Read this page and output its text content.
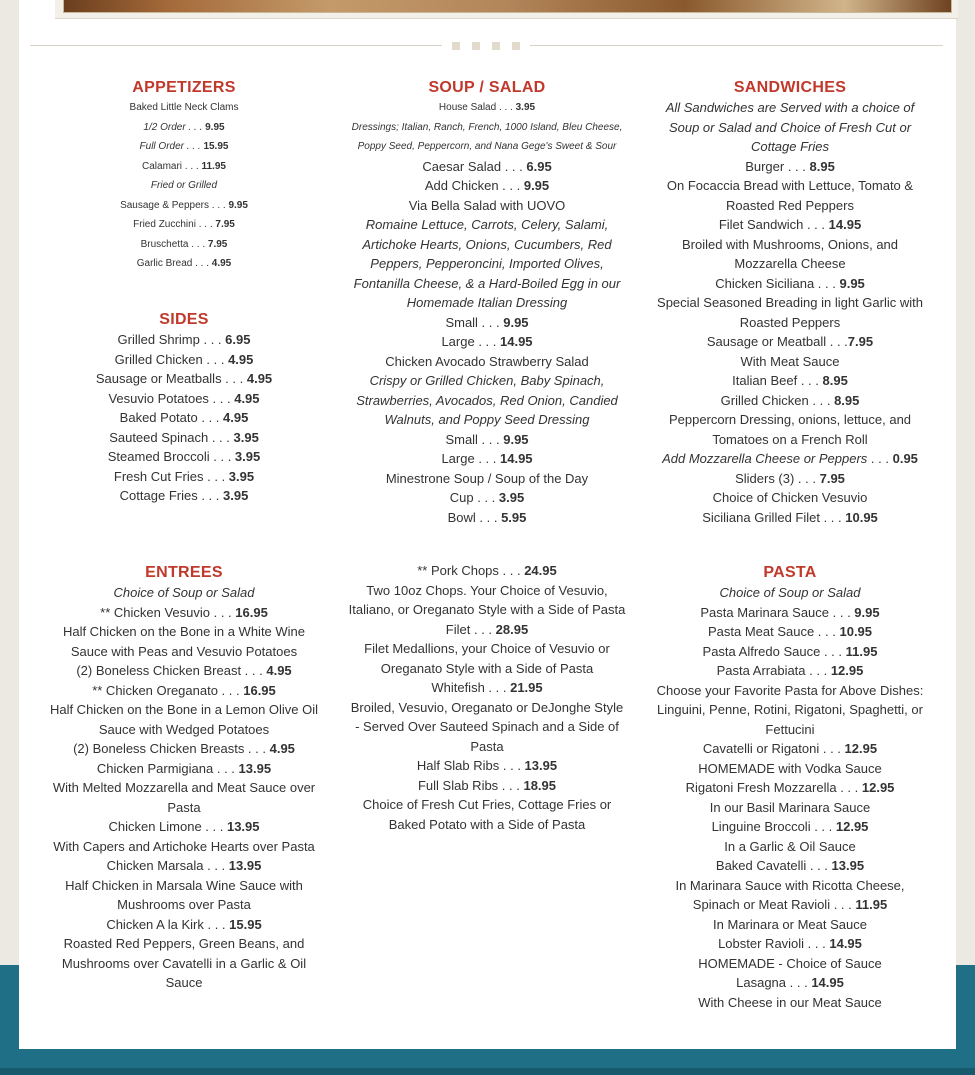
APPETIZERS
Baked Little Neck Clams
1/2 Order . . . 9.95
Full Order . . . 15.95
Calamari . . . 11.95
Fried or Grilled
Sausage & Peppers . . . 9.95
Fried Zucchini . . . 7.95
Bruschetta . . . 7.95
Garlic Bread . . . 4.95
SIDES
Grilled Shrimp . . . 6.95
Grilled Chicken . . . 4.95
Sausage or Meatballs . . . 4.95
Vesuvio Potatoes . . . 4.95
Baked Potato . . . 4.95
Sauteed Spinach . . . 3.95
Steamed Broccoli . . . 3.95
Fresh Cut Fries . . . 3.95
Cottage Fries . . . 3.95
SOUP / SALAD
House Salad . . . 3.95
Dressings; Italian, Ranch, French, 1000 Island, Bleu Cheese, Poppy Seed, Peppercorn, and Nana Gege's Sweet & Sour
Caesar Salad . . . 6.95
Add Chicken . . . 9.95
Via Bella Salad with UOVO
Romaine Lettuce, Carrots, Celery, Salami, Artichoke Hearts, Onions, Cucumbers, Red Peppers, Pepperoncini, Imported Olives, Fontanilla Cheese, & a Hard-Boiled Egg in our Homemade Italian Dressing
Small . . . 9.95
Large . . . 14.95
Chicken Avocado Strawberry Salad
Crispy or Grilled Chicken, Baby Spinach, Strawberries, Avocados, Red Onion, Candied Walnuts, and Poppy Seed Dressing
Small . . . 9.95
Large . . . 14.95
Minestrone Soup / Soup of the Day
Cup . . . 3.95
Bowl . . . 5.95
SANDWICHES
All Sandwiches are Served with a choice of Soup or Salad and Choice of Fresh Cut or Cottage Fries
Burger . . . 8.95
On Focaccia Bread with Lettuce, Tomato & Roasted Red Peppers
Filet Sandwich . . . 14.95
Broiled with Mushrooms, Onions, and Mozzarella Cheese
Chicken Siciliana . . . 9.95
Special Seasoned Breading in light Garlic with Roasted Peppers
Sausage or Meatball . . .7.95
With Meat Sauce
Italian Beef . . . 8.95
Grilled Chicken . . . 8.95
Peppercorn Dressing, onions, lettuce, and Tomatoes on a French Roll
Add Mozzarella Cheese or Peppers . . . 0.95
Sliders (3) . . . 7.95
Choice of Chicken Vesuvio
Siciliana Grilled Filet . . . 10.95
ENTREES
Choice of Soup or Salad
** Chicken Vesuvio . . . 16.95
Half Chicken on the Bone in a White Wine Sauce with Peas and Vesuvio Potatoes
(2) Boneless Chicken Breast . . . 4.95
** Chicken Oreganato . . . 16.95
Half Chicken on the Bone in a Lemon Olive Oil Sauce with Wedged Potatoes
(2) Boneless Chicken Breasts . . . 4.95
Chicken Parmigiana . . . 13.95
With Melted Mozzarella and Meat Sauce over Pasta
Chicken Limone . . . 13.95
With Capers and Artichoke Hearts over Pasta
Chicken Marsala . . . 13.95
Half Chicken in Marsala Wine Sauce with Mushrooms over Pasta
Chicken A la Kirk . . . 15.95
Roasted Red Peppers, Green Beans, and Mushrooms over Cavatelli in a Garlic & Oil Sauce
** Pork Chops . . . 24.95
Two 10oz Chops. Your Choice of Vesuvio, Italiano, or Oreganato Style with a Side of Pasta
Filet . . . 28.95
Filet Medallions, your Choice of Vesuvio or Oreganato Style with a Side of Pasta
Whitefish . . . 21.95
Broiled, Vesuvio, Oreganato or DeJonghe Style - Served Over Sauteed Spinach and a Side of Pasta
Half Slab Ribs . . . 13.95
Full Slab Ribs . . . 18.95
Choice of Fresh Cut Fries, Cottage Fries or Baked Potato with a Side of Pasta
PASTA
Choice of Soup or Salad
Pasta Marinara Sauce . . . 9.95
Pasta Meat Sauce . . . 10.95
Pasta Alfredo Sauce . . . 11.95
Pasta Arrabiata . . . 12.95
Choose your Favorite Pasta for Above Dishes: Linguini, Penne, Rotini, Rigatoni, Spaghetti, or Fettucini
Cavatelli or Rigatoni . . . 12.95
HOMEMADE with Vodka Sauce
Rigatoni Fresh Mozzarella . . . 12.95
In our Basil Marinara Sauce
Linguine Broccoli . . . 12.95
In a Garlic & Oil Sauce
Baked Cavatelli . . . 13.95
In Marinara Sauce with Ricotta Cheese, Spinach or Meat Ravioli . . . 11.95
In Marinara or Meat Sauce
Lobster Ravioli . . . 14.95
HOMEMADE - Choice of Sauce
Lasagna . . . 14.95
With Cheese in our Meat Sauce
